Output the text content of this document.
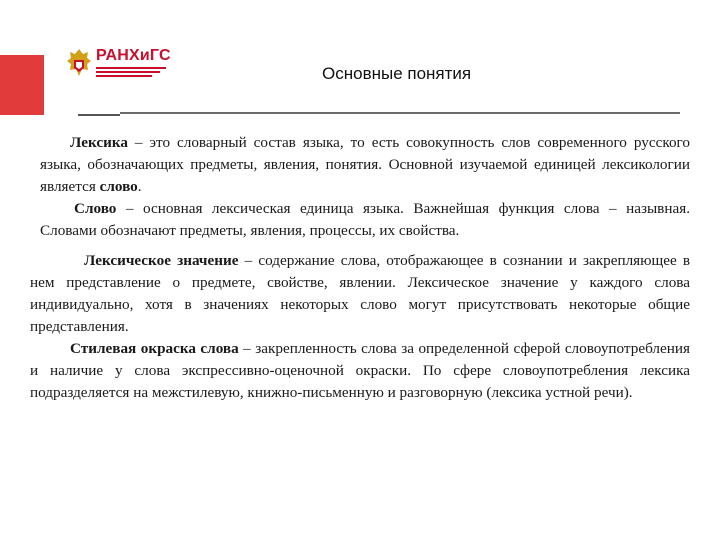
РАНХиГС
Основные понятия

Лексика – это словарный состав языка, то есть совокупность слов современного русского языка, обозначающих предметы, явления, понятия. Основной изучаемой единицей лексикологии является слово.

Слово – основная лексическая единица языка. Важнейшая функция слова – назывная. Словами обозначают предметы, явления, процессы, их свойства.

Лексическое значение – содержание слова, отображающее в сознании и закрепляющее в нем представление о предмете, свойстве, явлении. Лексическое значение у каждого слова индивидуально, хотя в значениях некоторых слово могут присутствовать некоторые общие представления.

Стилевая окраска слова – закрепленность слова за определенной сферой словоупотребления и наличие у слова экспрессивно-оценочной окраски. По сфере словоупотребления лексика подразделяется на межстилевую, книжно-письменную и разговорную (лексика устной речи).
